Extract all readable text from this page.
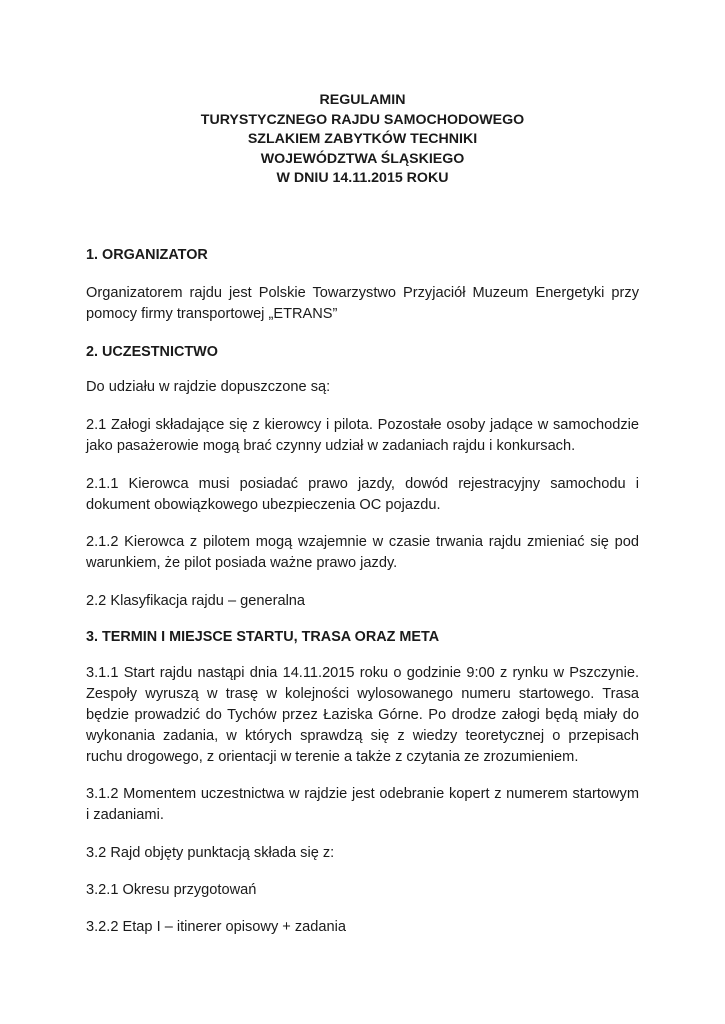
REGULAMIN
TURYSTYCZNEGO RAJDU SAMOCHODOWEGO
SZLAKIEM ZABYTKÓW TECHNIKI
WOJEWÓDZTWA ŚLĄSKIEGO
W DNIU 14.11.2015 ROKU
1. ORGANIZATOR
Organizatorem rajdu jest Polskie Towarzystwo Przyjaciół Muzeum Energetyki przy pomocy firmy transportowej „ETRANS”
2. UCZESTNICTWO
Do udziału w rajdzie dopuszczone są:
2.1 Załogi składające się z kierowcy i pilota. Pozostałe osoby jadące w samochodzie jako pasażerowie mogą brać czynny udział w zadaniach rajdu i konkursach.
2.1.1 Kierowca musi posiadać prawo jazdy, dowód rejestracyjny samochodu i dokument obowiązkowego ubezpieczenia OC pojazdu.
2.1.2 Kierowca z pilotem mogą wzajemnie w czasie trwania rajdu zmieniać się pod warunkiem, że pilot posiada ważne prawo jazdy.
2.2 Klasyfikacja rajdu – generalna
3. TERMIN I MIEJSCE STARTU, TRASA ORAZ META
3.1.1 Start rajdu nastąpi dnia 14.11.2015 roku o godzinie 9:00 z rynku w Pszczynie. Zespoły wyruszą w trasę w kolejności wylosowanego numeru startowego. Trasa będzie prowadzić do Tychów przez Łaziska Górne. Po drodze załogi będą miały do wykonania zadania, w których sprawdzą się z wiedzy teoretycznej o przepisach ruchu drogowego, z orientacji w terenie a także z czytania ze zrozumieniem.
3.1.2 Momentem uczestnictwa w rajdzie jest odebranie kopert z numerem startowym i zadaniami.
3.2 Rajd objęty punktacją składa się z:
3.2.1 Okresu przygotowań
3.2.2 Etap I – itinerer opisowy + zadania
